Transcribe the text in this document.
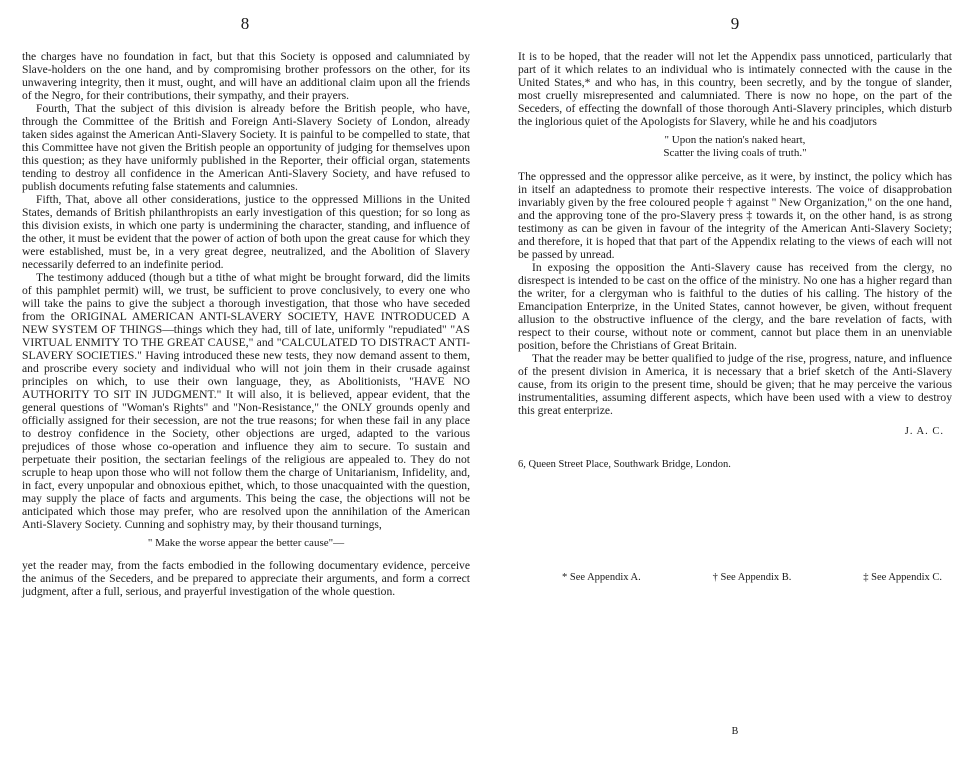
8

the charges have no foundation in fact, but that this Society is opposed and calumniated by Slave-holders on the one hand, and by compromising brother professors on the other, for its unwavering integrity, then it must, ought, and will have an additional claim upon all the friends of the Negro, for their contributions, their sympathy, and their prayers.

Fourth, That the subject of this division is already before the British people, who have, through the Committee of the British and Foreign Anti-Slavery Society of London, already taken sides against the American Anti-Slavery Society. It is painful to be compelled to state, that this Committee have not given the British people an opportunity of judging for themselves upon this question; as they have uniformly published in the Reporter, their official organ, statements tending to destroy all confidence in the American Anti-Slavery Society, and have refused to publish documents refuting false statements and calumnies.

Fifth, That, above all other considerations, justice to the oppressed Millions in the United States, demands of British philanthropists an early investigation of this question; for so long as this division exists, in which one party is undermining the character, standing, and influence of the other, it must be evident that the power of action of both upon the great cause for which they were established, must be, in a very great degree, neutralized, and the Abolition of Slavery necessarily deferred to an indefinite period.

The testimony adduced (though but a tithe of what might be brought forward, did the limits of this pamphlet permit) will, we trust, be sufficient to prove conclusively, to every one who will take the pains to give the subject a thorough investigation, that those who have seceded from the ORIGINAL AMERICAN ANTI-SLAVERY SOCIETY, HAVE INTRODUCED A NEW SYSTEM OF THINGS—things which they had, till of late, uniformly "repudiated" "AS VIRTUAL ENMITY TO THE GREAT CAUSE," and "CALCULATED TO DISTRACT ANTI-SLAVERY SOCIETIES." Having introduced these new tests, they now demand assent to them, and proscribe every society and individual who will not join them in their crusade against principles on which, to use their own language, they, as Abolitionists, "HAVE NO AUTHORITY TO SIT IN JUDGMENT." It will also, it is believed, appear evident, that the general questions of "Woman's Rights" and "Non-Resistance," the ONLY grounds openly and officially assigned for their secession, are not the true reasons; for when these fail in any place to destroy confidence in the Society, other objections are urged, adapted to the various prejudices of those whose co-operation and influence they aim to secure. To sustain and perpetuate their position, the sectarian feelings of the religious are appealed to. They do not scruple to heap upon those who will not follow them the charge of Unitarianism, Infidelity, and, in fact, every unpopular and obnoxious epithet, which, to those unacquainted with the question, may supply the place of facts and arguments. This being the case, the objections will not be anticipated which those may prefer, who are resolved upon the annihilation of the American Anti-Slavery Society. Cunning and sophistry may, by their thousand turnings,

" Make the worse appear the better cause"—

yet the reader may, from the facts embodied in the following documentary evidence, perceive the animus of the Seceders, and be prepared to appreciate their arguments, and form a correct judgment, after a full, serious, and prayerful investigation of the whole question.

9

It is to be hoped, that the reader will not let the Appendix pass unnoticed, particularly that part of it which relates to an individual who is intimately connected with the cause in the United States,* and who has, in this country, been secretly, and by the tongue of slander, most cruelly misrepresented and calumniated. There is now no hope, on the part of the Seceders, of effecting the downfall of those thorough Anti-Slavery principles, which disturb the inglorious quiet of the Apologists for Slavery, while he and his coadjutors

" Upon the nation's naked heart,
Scatter the living coals of truth."

The oppressed and the oppressor alike perceive, as it were, by instinct, the policy which has in itself an adaptedness to promote their respective interests. The voice of disapprobation invariably given by the free coloured people † against " New Organization," on the one hand, and the approving tone of the pro-Slavery press ‡ towards it, on the other hand, is as strong testimony as can be given in favour of the integrity of the American Anti-Slavery Society; and therefore, it is hoped that that part of the Appendix relating to the views of each will not be passed by unread.

In exposing the opposition the Anti-Slavery cause has received from the clergy, no disrespect is intended to be cast on the office of the ministry. No one has a higher regard than the writer, for a clergyman who is faithful to the duties of his calling. The history of the Emancipation Enterprize, in the United States, cannot however, be given, without frequent allusion to the obstructive influence of the clergy, and the bare revelation of facts, with respect to their course, without note or comment, cannot but place them in an unenviable position, before the Christians of Great Britain.

That the reader may be better qualified to judge of the rise, progress, nature, and influence of the present division in America, it is necessary that a brief sketch of the Anti-Slavery cause, from its origin to the present time, should be given; that he may perceive the various instrumentalities, assuming different aspects, which have been used with a view to destroy this great enterprize.

J. A. C.
6, Queen Street Place, Southwark Bridge, London.
* See Appendix A.	† See Appendix B.	‡ See Appendix C.
B
